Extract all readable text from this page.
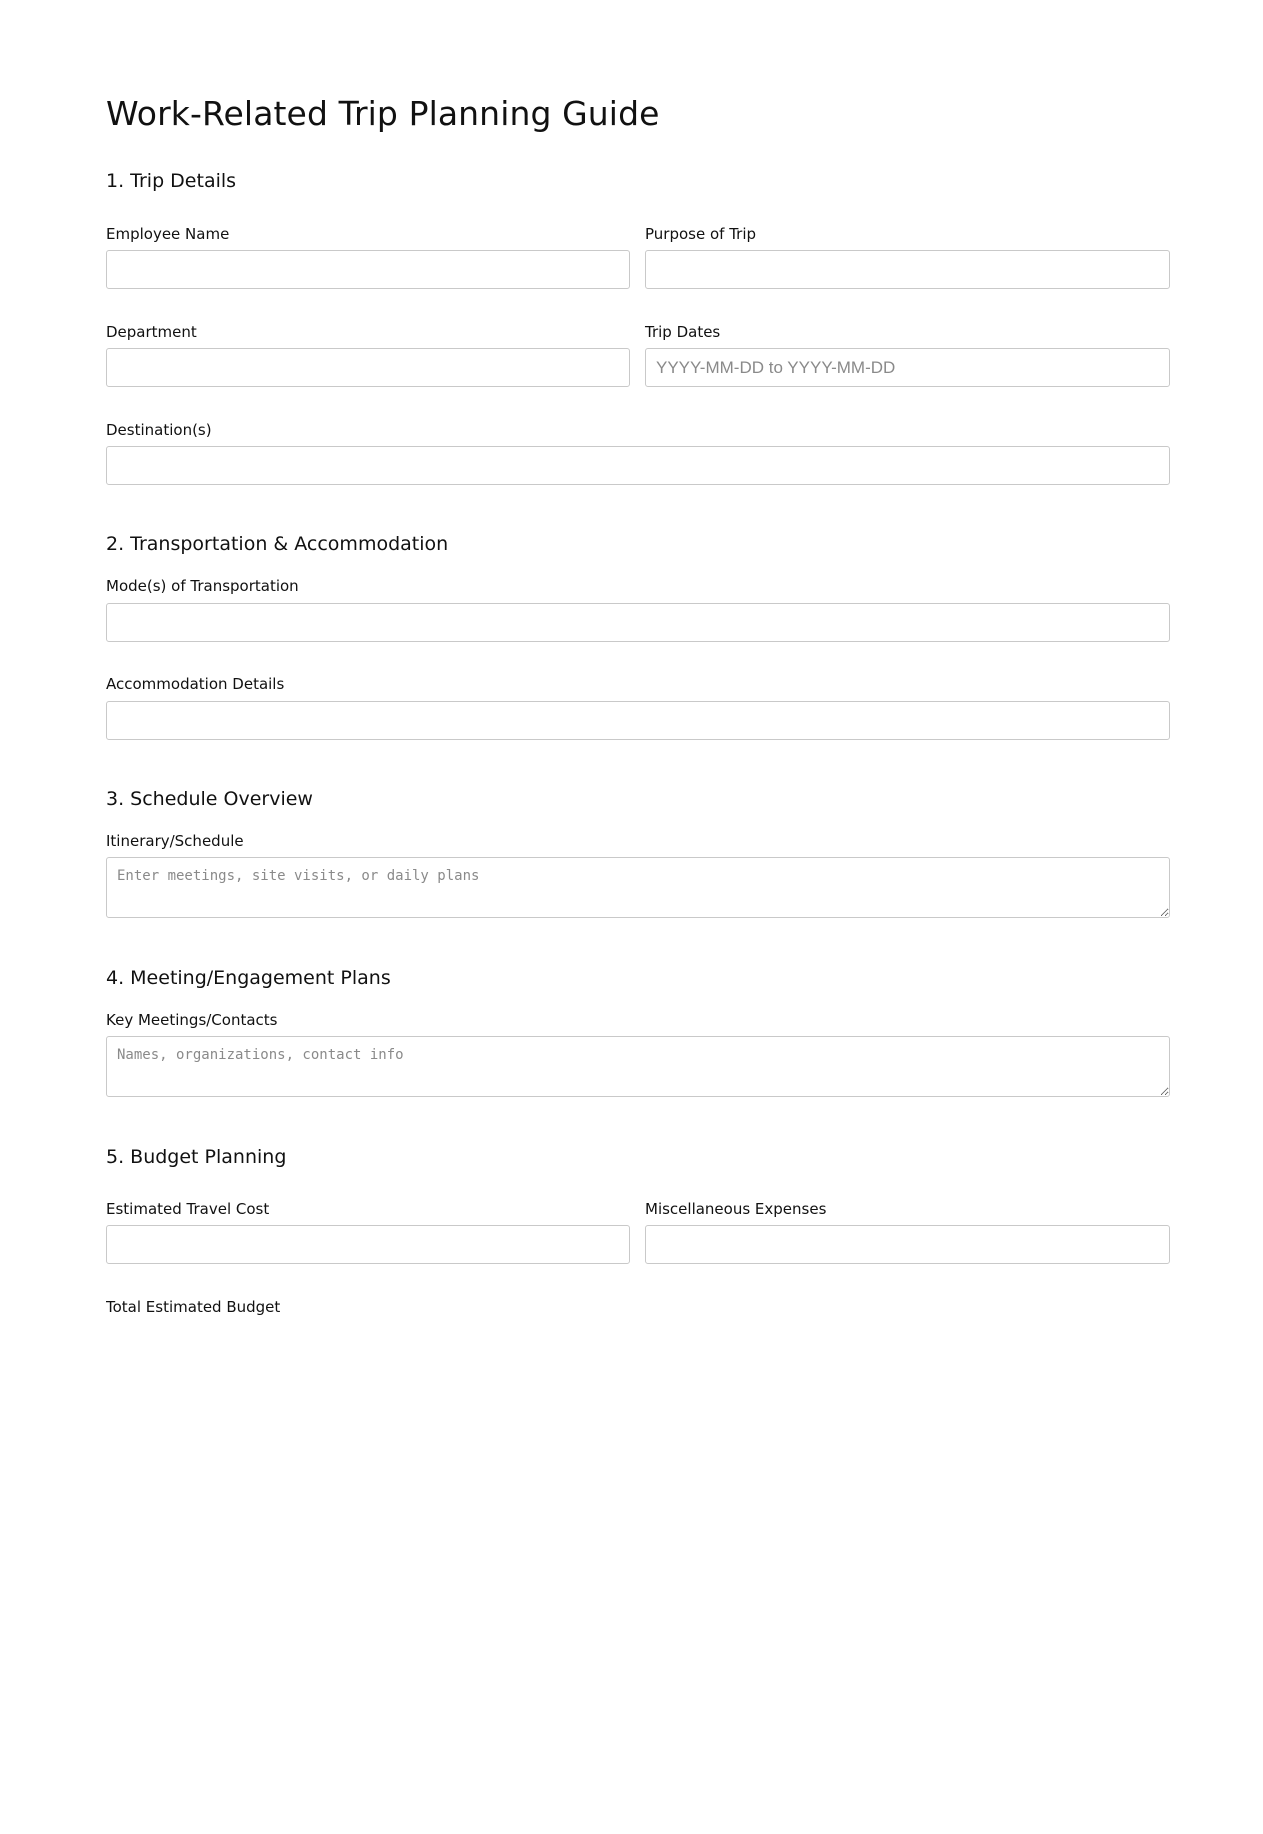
Work-Related Trip Planning Guide
1. Trip Details
Employee Name	Purpose of Trip
Department	Trip Dates
YYYY-MM-DD to YYYY-MM-DD
Destination(s)
2. Transportation & Accommodation
Mode(s) of Transportation
Accommodation Details
3. Schedule Overview
Itinerary/Schedule
Enter meetings, site visits, or daily plans
4. Meeting/Engagement Plans
Key Meetings/Contacts
Names, organizations, contact info
5. Budget Planning
Estimated Travel Cost	Miscellaneous Expenses
Total Estimated Budget
